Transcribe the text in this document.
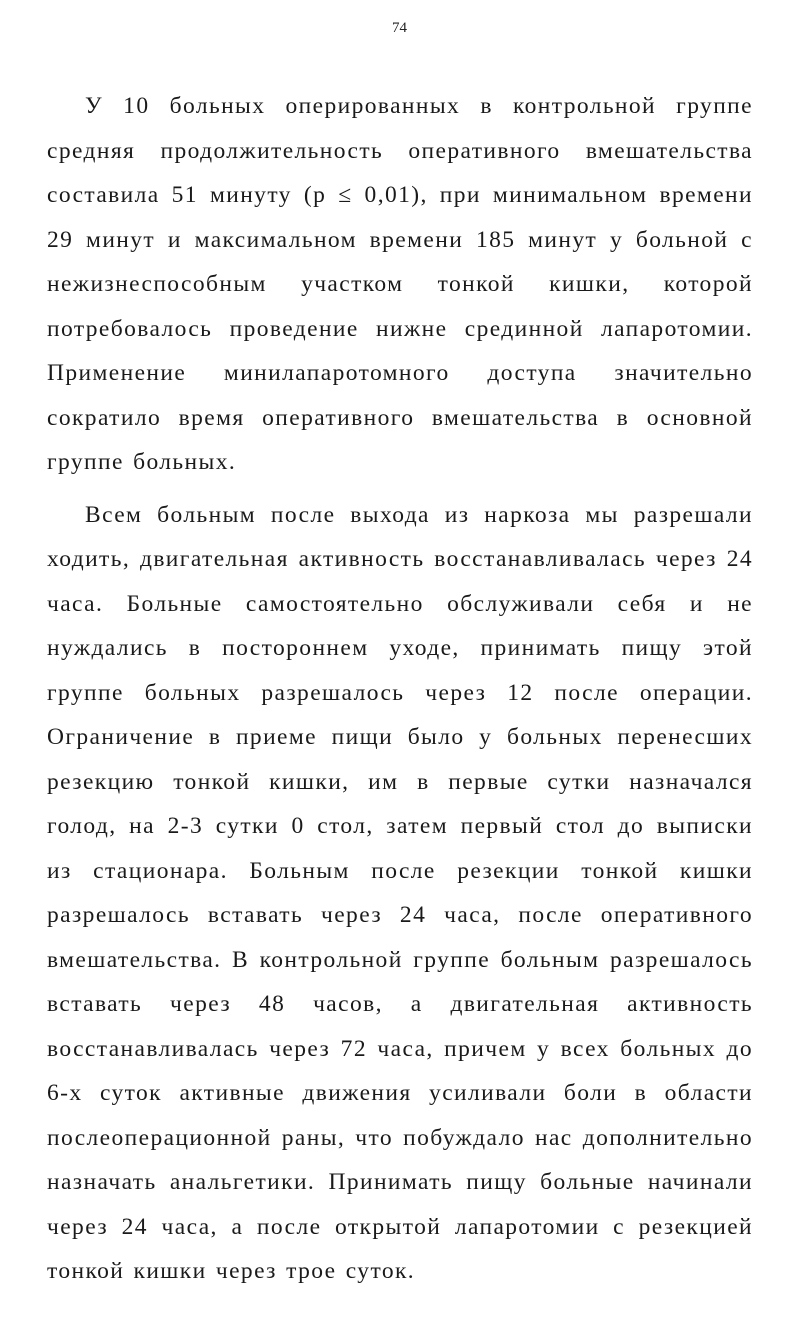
74

У 10 больных оперированных в контрольной группе средняя продолжительность оперативного вмешательства составила 51 минуту (р ≤ 0,01), при минимальном времени 29 минут и максимальном времени 185 минут у больной с нежизнеспособным участком тонкой кишки, которой потребовалось проведение нижне срединной лапаротомии. Применение минилапаротомного доступа значительно сократило время оперативного вмешательства в основной группе больных.

Всем больным после выхода из наркоза мы разрешали ходить, двигательная активность восстанавливалась через 24 часа. Больные самостоятельно обслуживали себя и не нуждались в постороннем уходе, принимать пищу этой группе больных разрешалось через 12 после операции. Ограничение в приеме пищи было у больных перенесших резекцию тонкой кишки, им в первые сутки назначался голод, на 2-3 сутки 0 стол, затем первый стол до выписки из стационара. Больным после резекции тонкой кишки разрешалось вставать через 24 часа, после оперативного вмешательства. В контрольной группе больным разрешалось вставать через 48 часов, а двигательная активность восстанавливалась через 72 часа, причем у всех больных до 6-х суток активные движения усиливали боли в области послеоперационной раны, что побуждало нас дополнительно назначать анальгетики. Принимать пищу больные начинали через 24 часа, а после открытой лапаротомии с резекцией тонкой кишки через трое суток.
